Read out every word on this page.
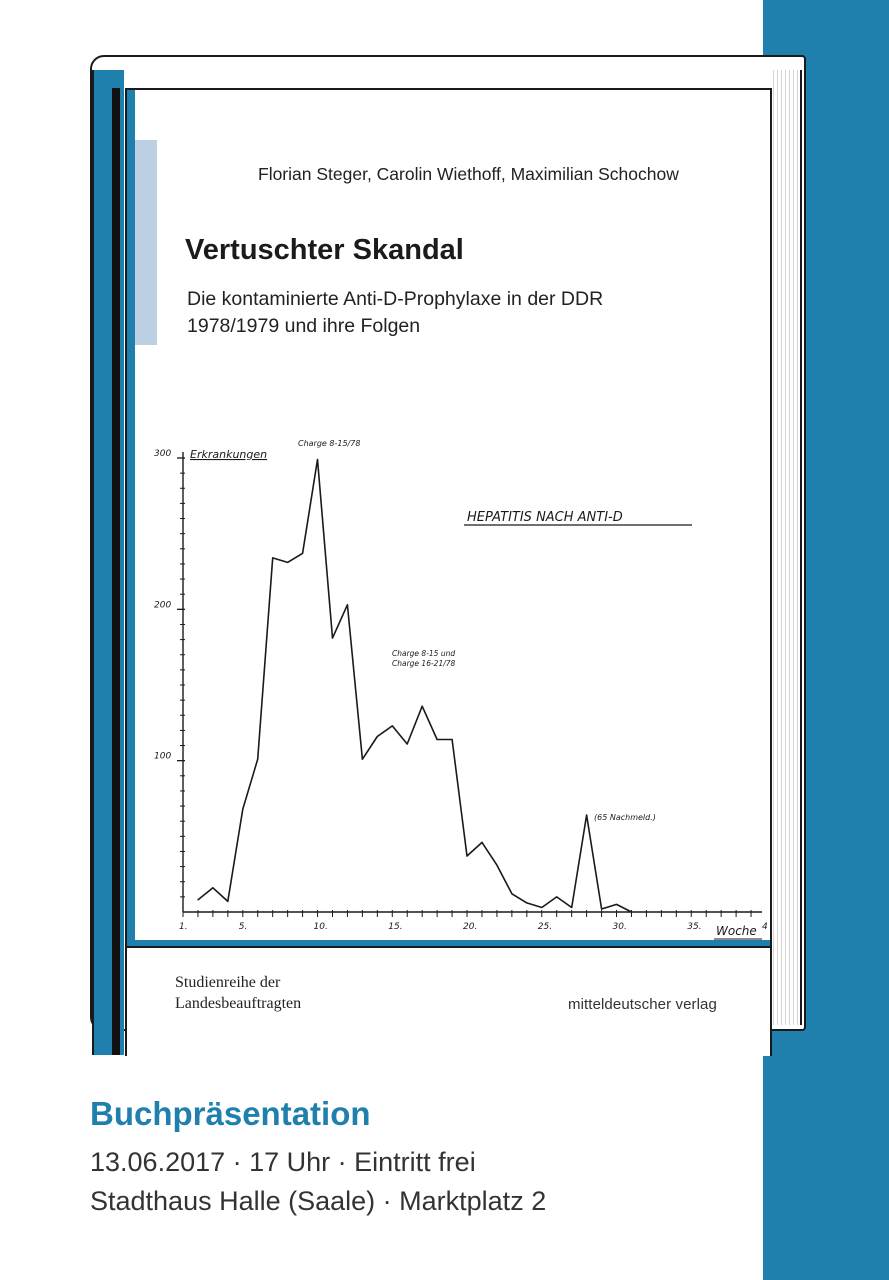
Florian Steger, Carolin Wiethoff, Maximilian Schochow
Vertuschter Skandal
Die kontaminierte Anti-D-Prophylaxe in der DDR
1978/1979 und ihre Folgen
100
200
300
1.	5.	10.	15.	20.	25.	30.	35.	4
Erkrankungen
HEPATITIS NACH ANTI-D
Woche
Charge 8-15/78
Charge 8-15 und
Charge 16-21/78
(65 Nachmeld.)
Studienreihe der
Landesbeauftragten	mitteldeutscher verlag
Buchpräsentation
13.06.2017 · 17 Uhr · Eintritt frei
Stadthaus Halle (Saale) · Marktplatz 2
